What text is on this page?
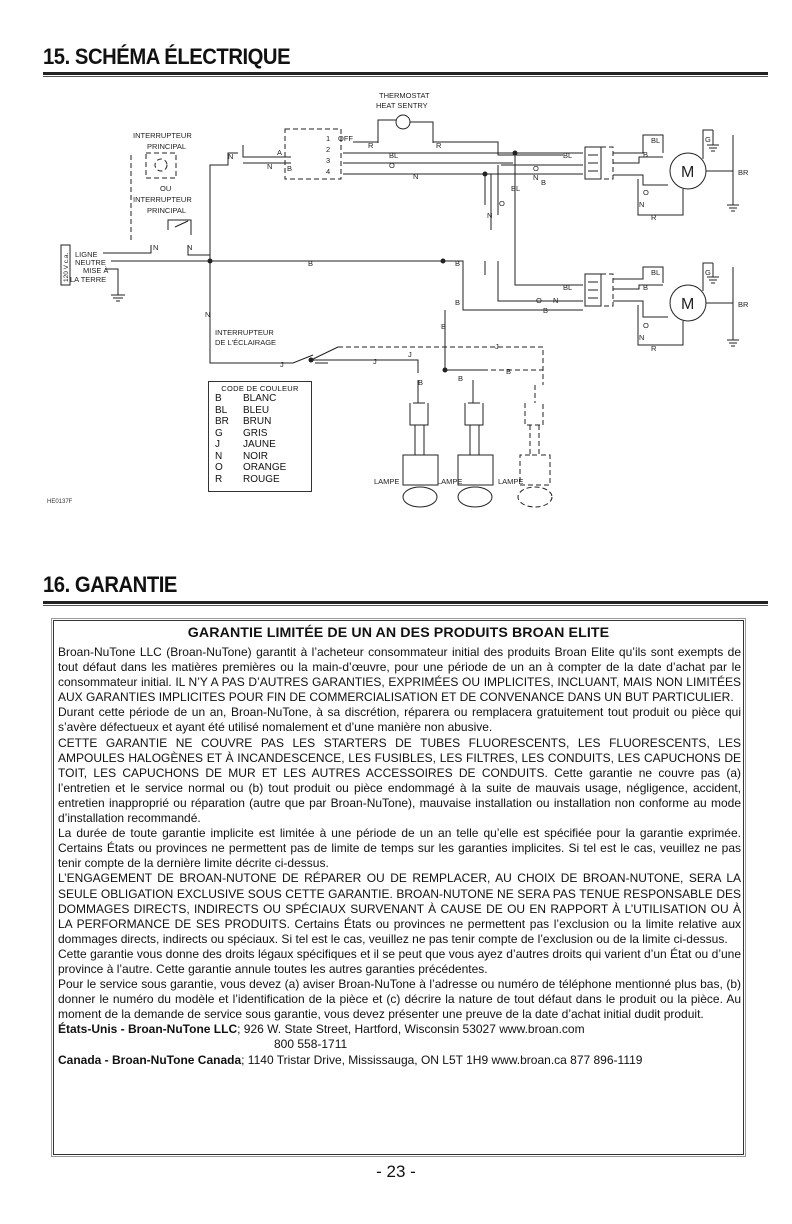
15. SCHÉMA ÉLECTRIQUE
THERMOSTAT
HEAT SENTRY
INTERRUPTEUR
PRINCIPAL
OU
INTERRUPTEUR
PRINCIPAL
120 V c.a. LIGNE
NEUTRE
MISE À
LA TERRE
N	N
B
N	A
N
OFF
1
2
3
4
B
BL
O
N
R	R
BL
O
N
BL
O
N
B
M
BL
B
O
N
R
G
BR
M
BL
B
O
N
R
G
BR
B
BL
O N
B
B
N
INTERRUPTEUR
DE L'ÉCLAIRAGE
J	J
J
J
B
B
B	B
LAMPE	LAMPE	LAMPE
CODE DE COULEUR
B	BLANC
BL	BLEU
BR	BRUN
G	GRIS
J	JAUNE
N	NOIR
O	ORANGE
R	ROUGE
HE0137F
16. GARANTIE
GARANTIE LIMITÉE DE UN AN DES PRODUITS BROAN ELITE

Broan-NuTone LLC (Broan-NuTone) garantit à l’acheteur consommateur initial des produits Broan Elite qu’ils sont exempts de tout défaut dans les matières premières ou la main-d’œuvre, pour une période de un an à compter de la date d’achat par le consommateur initial. IL N’Y A PAS D’AUTRES GARANTIES, EXPRIMÉES OU IMPLICITES, INCLUANT, MAIS NON LIMITÉES AUX GARANTIES IMPLICITES POUR FIN DE COMMERCIALISATION ET DE CONVENANCE DANS UN BUT PARTICULIER.

Durant cette période de un an, Broan-NuTone, à sa discrétion, réparera ou remplacera gratuitement tout produit ou pièce qui s’avère défectueux et ayant été utilisé nomalement et d’une manière non abusive.

CETTE GARANTIE NE COUVRE PAS LES STARTERS DE TUBES FLUORESCENTS, LES FLUORESCENTS, LES AMPOULES HALOGÈNES ET À INCANDESCENCE, LES FUSIBLES, LES FILTRES, LES CONDUITS, LES CAPUCHONS DE TOIT, LES CAPUCHONS DE MUR ET LES AUTRES ACCESSOIRES DE CONDUITS. Cette garantie ne couvre pas (a) l’entretien et le service normal ou (b) tout produit ou pièce endommagé à la suite de mauvais usage, négligence, accident, entretien inapproprié ou réparation (autre que par Broan-NuTone), mauvaise installation ou installation non conforme au mode d’installation recommandé.

La durée de toute garantie implicite est limitée à une période de un an telle qu’elle est spécifiée pour la garantie exprimée. Certains États ou provinces ne permettent pas de limite de temps sur les garanties implicites. Si tel est le cas, veuillez ne pas tenir compte de la dernière limite décrite ci-dessus.

L’ENGAGEMENT DE BROAN-NUTONE DE RÉPARER OU DE REMPLACER, AU CHOIX DE BROAN-NUTONE, SERA LA SEULE OBLIGATION EXCLUSIVE SOUS CETTE GARANTIE. BROAN-NUTONE NE SERA PAS TENUE RESPONSABLE DES DOMMAGES DIRECTS, INDIRECTS OU SPÉCIAUX SURVENANT À CAUSE DE OU EN RAPPORT À L’UTILISATION OU À LA PERFORMANCE DE SES PRODUITS. Certains États ou provinces ne permettent pas l’exclusion ou la limite relative aux dommages directs, indirects ou spéciaux. Si tel est le cas, veuillez ne pas tenir compte de l’exclusion ou de la limite ci-dessus.

Cette garantie vous donne des droits légaux spécifiques et il se peut que vous ayez d’autres droits qui varient d’un État ou d’une province à l’autre. Cette garantie annule toutes les autres garanties précédentes.

Pour le service sous garantie, vous devez (a) aviser Broan-NuTone à l’adresse ou numéro de téléphone mentionné plus bas, (b) donner le numéro du modèle et l’identification de la pièce et (c) décrire la nature de tout défaut dans le produit ou la pièce. Au moment de la demande de service sous garantie, vous devez présenter une preuve de la date d’achat initial dudit produit.

États-Unis - Broan-NuTone LLC; 926 W. State Street, Hartford, Wisconsin 53027 www.broan.com

800 558-1711

Canada - Broan-NuTone Canada; 1140 Tristar Drive, Mississauga, ON L5T 1H9 www.broan.ca 877 896-1119

- 23 -
